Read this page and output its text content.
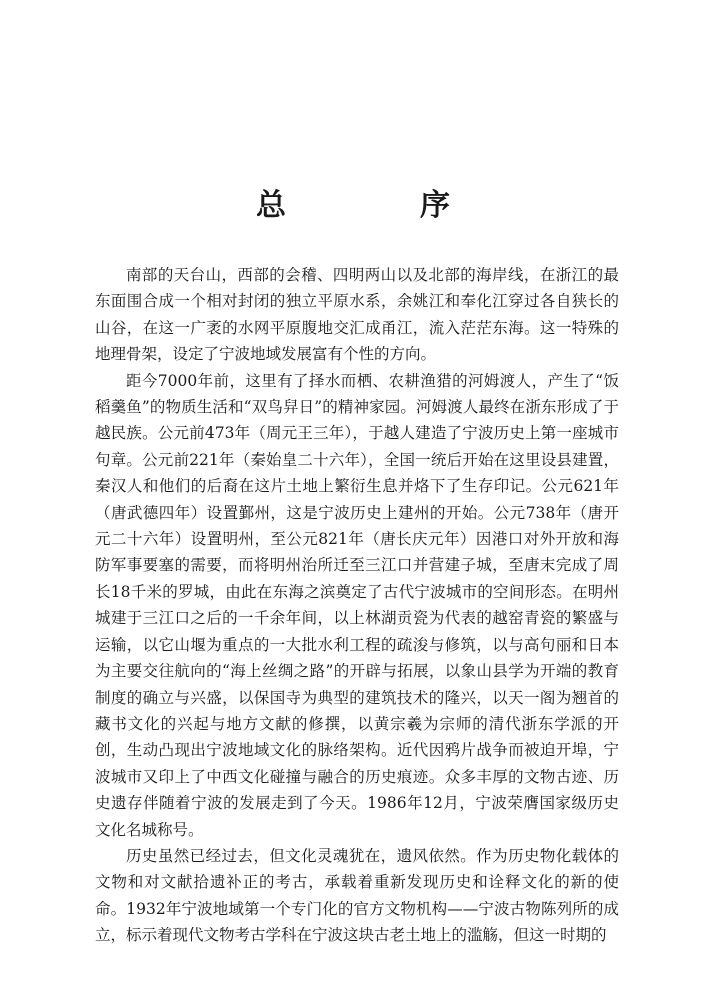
总　序

南部的天台山，西部的会稽、四明两山以及北部的海岸线，在浙江的最东面围合成一个相对封闭的独立平原水系，余姚江和奉化江穿过各自狭长的山谷，在这一广袤的水网平原腹地交汇成甬江，流入茫茫东海。这一特殊的地理骨架，设定了宁波地域发展富有个性的方向。

距今7000年前，这里有了择水而栖、农耕渔猎的河姆渡人，产生了“饭稻羹鱼”的物质生活和“双鸟舁日”的精神家园。河姆渡人最终在浙东形成了于越民族。公元前473年（周元王三年），于越人建造了宁波历史上第一座城市句章。公元前221年（秦始皇二十六年），全国一统后开始在这里设县建置，秦汉人和他们的后裔在这片土地上繁衍生息并烙下了生存印记。公元621年（唐武德四年）设置鄞州，这是宁波历史上建州的开始。公元738年（唐开元二十六年）设置明州，至公元821年（唐长庆元年）因港口对外开放和海防军事要塞的需要，而将明州治所迁至三江口并营建子城，至唐末完成了周长18千米的罗城，由此在东海之滨奠定了古代宁波城市的空间形态。在明州城建于三江口之后的一千余年间，以上林湖贡瓷为代表的越窑青瓷的繁盛与运输，以它山堰为重点的一大批水利工程的疏浚与修筑，以与高句丽和日本为主要交往航向的“海上丝绸之路”的开辟与拓展，以象山县学为开端的教育制度的确立与兴盛，以保国寺为典型的建筑技术的隆兴，以天一阁为翘首的藏书文化的兴起与地方文献的修撰，以黄宗羲为宗师的清代浙东学派的开创，生动凸现出宁波地域文化的脉络架构。近代因鸦片战争而被迫开埠，宁波城市又印上了中西文化碰撞与融合的历史痕迹。众多丰厚的文物古迹、历史遗存伴随着宁波的发展走到了今天。1986年12月，宁波荣膺国家级历史文化名城称号。

历史虽然已经过去，但文化灵魂犹在，遗风依然。作为历史物化载体的文物和对文献拾遗补正的考古，承载着重新发现历史和诠释文化的新的使命。1932年宁波地域第一个专门化的官方文物机构——宁波古物陈列所的成立，标示着现代文物考古学科在宁波这块古老土地上的滥觞，但这一时期的
